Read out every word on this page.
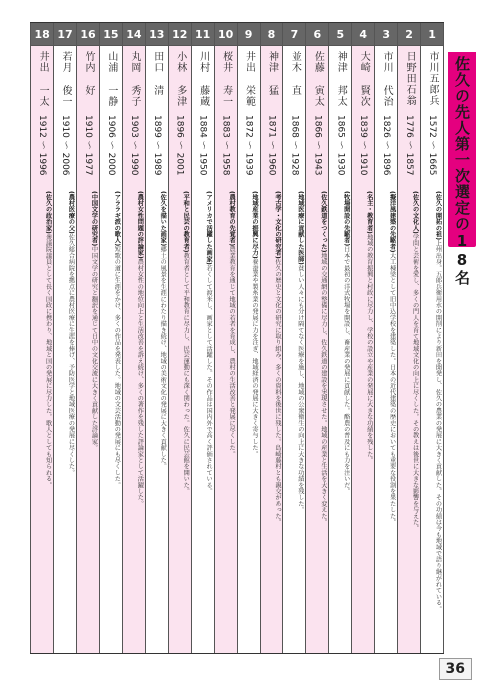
佐久の先人第一次選定の18名
1
市川五郎兵
1572 〜 1665
(佐久の開拓の祖)上州出身。五郎兵衛用水の開削により新田を開発し、佐久の農業の発展に大きく貢献した。その功績は今も地域で語り継がれている。
2
日野田石翁
1776 〜 1857
(佐久の文化人)学問と芸術を愛し、多くの門人を育て地域文化の向上に尽くした。その教えは後世に大きな影響を与えた。
3
市川 代治
1826 〜 1896
(擬洋風建築の先駆者)大工棟梁として旧中込学校を建築した。日本の近代建築の歴史においても重要な役割を果たした。
4
大崎 賢次
1839 〜 1910
(名主・教育者)地域の教育振興と村政に尽力し、学校の設立や産業の発展に大きな功績を残した。
5
神津 邦太
1865 〜 1930
(牧場開設の先駆者)日本で最初の洋式牧場を開設し、畜産業の発展に貢献した。酪農の普及にも力を注いだ。
6
佐藤 寅太
1866 〜 1943
(佐久鉄道をつくった)地域の交通網の整備に尽力し、佐久鉄道の建設を実現させた。地域の産業と生活を大きく変えた。
7
並木 直
1868 〜 1928
(地域医療に貢献した医師)貧しい人々にも分け隔てなく医療を施し、地域の公衆衛生の向上に大きな功績を残した。
8
神津 猛
1871 〜 1960
(考古学・文化の研究者)佐久の歴史と文化の研究に取り組み、多くの資料を後世に残した。島崎藤村とも親交があった。
9
井出 栄範
1872 〜 1939
(地域産業の振興に尽力)養蚕業や製糸業の発展に力を注ぎ、地域経済の発展に大きく寄与した。
10
桜井 寿一
1883 〜 1958
(農村教育の先覚者)農業教育を通じて地域の若者を育成し、農村の生活改善と発展に尽くした。
11
川村 藤蔵
1884 〜 1950
(アメリカで活躍した画家)若くして渡米し、画家として活躍した。その作品は国内外で高く評価されている。
12
小林 多津
1896 〜 2001
(平和と民芸の教育者)教育者として平和教育に尽力し、民芸運動にも深く関わった。佐久に民芸館を開いた。
13
田口 清
1899 〜 1989
(佐久を描いた画家)郷土の風景を生涯にわたり描き続け、地域の美術文化の発展に大きく貢献した。
14
丸岡 秀子
1903 〜 1990
(農村女性問題の評論家)農村女性の地位向上と生活改善を訴え続け、多くの著作を残した評論家として活躍した。
15
山浦 一静
1906 〜 2000
(アララギ派の歌人)短歌の道に生涯をかけ、多くの作品を発表した。地域の文芸活動の発展にも尽くした。
16
竹内 好
1910 〜 1977
(中国文学の研究者)中国文学の研究と翻訳を通じて日中の文化交流に大きく貢献した評論家。
17
若月 俊一
1910 〜 2006
(農村医療の父)佐久総合病院を拠点に農村医療に生涯を捧げ、予防医学と地域医療の発展に尽くした。
18
井出 一太
1912 〜 1996
(佐久の政治家)衆議院議員として長く国政に携わり、地域と国の発展に尽力した。歌人としても知られる。
36
